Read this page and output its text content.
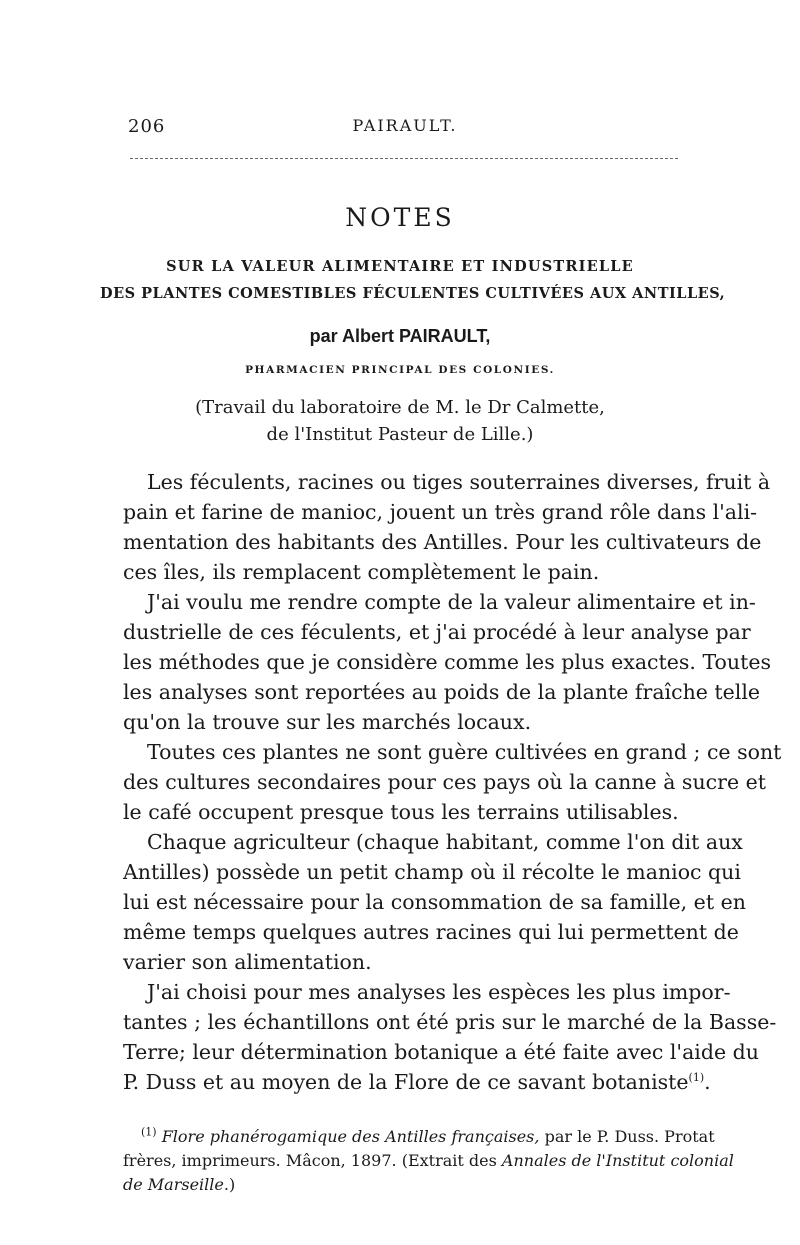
206	PAIRAULT.
NOTES
SUR LA VALEUR ALIMENTAIRE ET INDUSTRIELLE
DES PLANTES COMESTIBLES FÉCULENTES CULTIVÉES AUX ANTILLES,
par Albert PAIRAULT,
PHARMACIEN PRINCIPAL DES COLONIES.
(Travail du laboratoire de M. le Dr Calmette,
de l'Institut Pasteur de Lille.)
Les féculents, racines ou tiges souterraines diverses, fruit à
pain et farine de manioc, jouent un très grand rôle dans l'ali-
mentation des habitants des Antilles. Pour les cultivateurs de
ces îles, ils remplacent complètement le pain.
J'ai voulu me rendre compte de la valeur alimentaire et in-
dustrielle de ces féculents, et j'ai procédé à leur analyse par
les méthodes que je considère comme les plus exactes. Toutes
les analyses sont reportées au poids de la plante fraîche telle
qu'on la trouve sur les marchés locaux.
Toutes ces plantes ne sont guère cultivées en grand ; ce sont
des cultures secondaires pour ces pays où la canne à sucre et
le café occupent presque tous les terrains utilisables.
Chaque agriculteur (chaque habitant, comme l'on dit aux
Antilles) possède un petit champ où il récolte le manioc qui
lui est nécessaire pour la consommation de sa famille, et en
même temps quelques autres racines qui lui permettent de
varier son alimentation.
J'ai choisi pour mes analyses les espèces les plus impor-
tantes ; les échantillons ont été pris sur le marché de la Basse-
Terre; leur détermination botanique a été faite avec l'aide du
P. Duss et au moyen de la Flore de ce savant botaniste$^{(1)}$.
$^{(1)}$ Flore phanérogamique des Antilles françaises, par le P. Duss. Protat
frères, imprimeurs. Mâcon, 1897. (Extrait des Annales de l'Institut colonial
de Marseille.)
